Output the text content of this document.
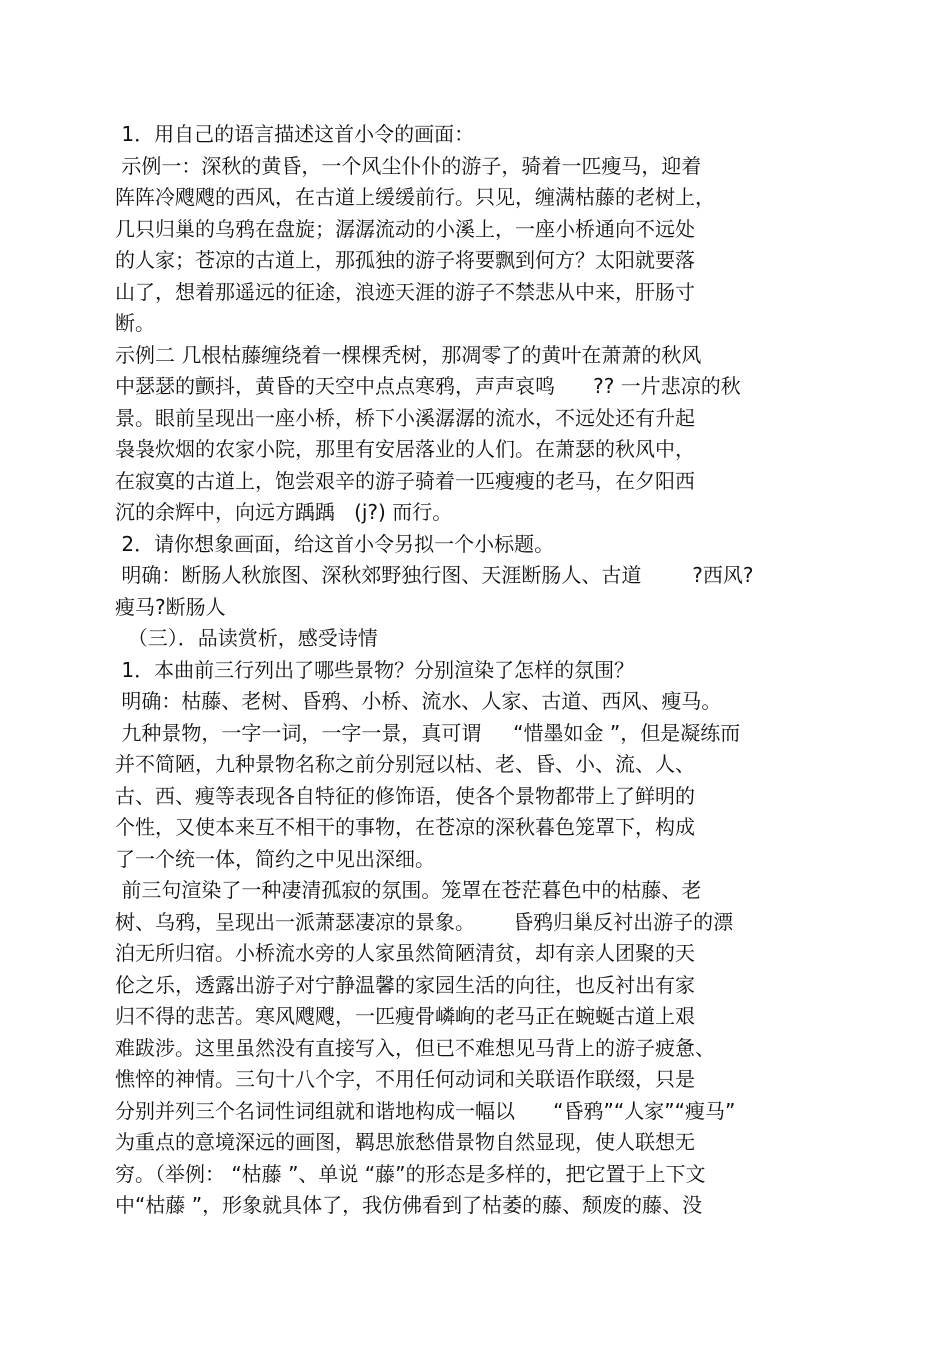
1．用自己的语言描述这首小令的画面：
示例一：深秋的黄昏，一个风尘仆仆的游子，骑着一匹瘦马，迎着
阵阵冷飕飕的西风，在古道上缓缓前行。只见，缠满枯藤的老树上，
几只归巢的乌鸦在盘旋；潺潺流动的小溪上，一座小桥通向不远处
的人家；苍凉的古道上，那孤独的游子将要飘到何方？太阳就要落
山了，想着那遥远的征途，浪迹天涯的游子不禁悲从中来，肝肠寸
断。
示例二 几根枯藤缠绕着一棵棵秃树，那凋零了的黄叶在萧萧的秋风
中瑟瑟的颤抖，黄昏的天空中点点寒鸦，声声哀鸣      ?? 一片悲凉的秋
景。眼前呈现出一座小桥，桥下小溪潺潺的流水，不远处还有升起
袅袅炊烟的农家小院，那里有安居落业的人们。在萧瑟的秋风中，
在寂寞的古道上，饱尝艰辛的游子骑着一匹瘦瘦的老马，在夕阳西
沉的余辉中，向远方踽踽   (j?) 而行。
2．请你想象画面，给这首小令另拟一个小标题。
明确：断肠人秋旅图、深秋郊野独行图、天涯断肠人、古道        ?西风?
瘦马?断肠人
（三）．品读赏析，感受诗情
1．本曲前三行列出了哪些景物？分别渲染了怎样的氛围？
明确：枯藤、老树、昏鸦、小桥、流水、人家、古道、西风、瘦马。
九种景物，一字一词，一字一景，真可谓     “惜墨如金 ”，但是凝练而
并不简陋，九种景物名称之前分别冠以枯、老、昏、小、流、人、
古、西、瘦等表现各自特征的修饰语，使各个景物都带上了鲜明的
个性，又使本来互不相干的事物，在苍凉的深秋暮色笼罩下，构成
了一个统一体，简约之中见出深细。
前三句渲染了一种凄清孤寂的氛围。笼罩在苍茫暮色中的枯藤、老
树、乌鸦，呈现出一派萧瑟凄凉的景象。      昏鸦归巢反衬出游子的漂
泊无所归宿。小桥流水旁的人家虽然简陋清贫，却有亲人团聚的天
伦之乐，透露出游子对宁静温馨的家园生活的向往，也反衬出有家
归不得的悲苦。寒风飕飕，一匹瘦骨嶙峋的老马正在蜿蜒古道上艰
难跋涉。这里虽然没有直接写入，但已不难想见马背上的游子疲惫、
憔悴的神情。三句十八个字，不用任何动词和关联语作联缀，只是
分别并列三个名词性词组就和谐地构成一幅以      “昏鸦”“人家”“瘦马”
为重点的意境深远的画图，羁思旅愁借景物自然显现，使人联想无
穷。（举例： “枯藤 ”、单说 “藤”的形态是多样的，把它置于上下文
中“枯藤 ”，形象就具体了，我仿佛看到了枯萎的藤、颓废的藤、没
